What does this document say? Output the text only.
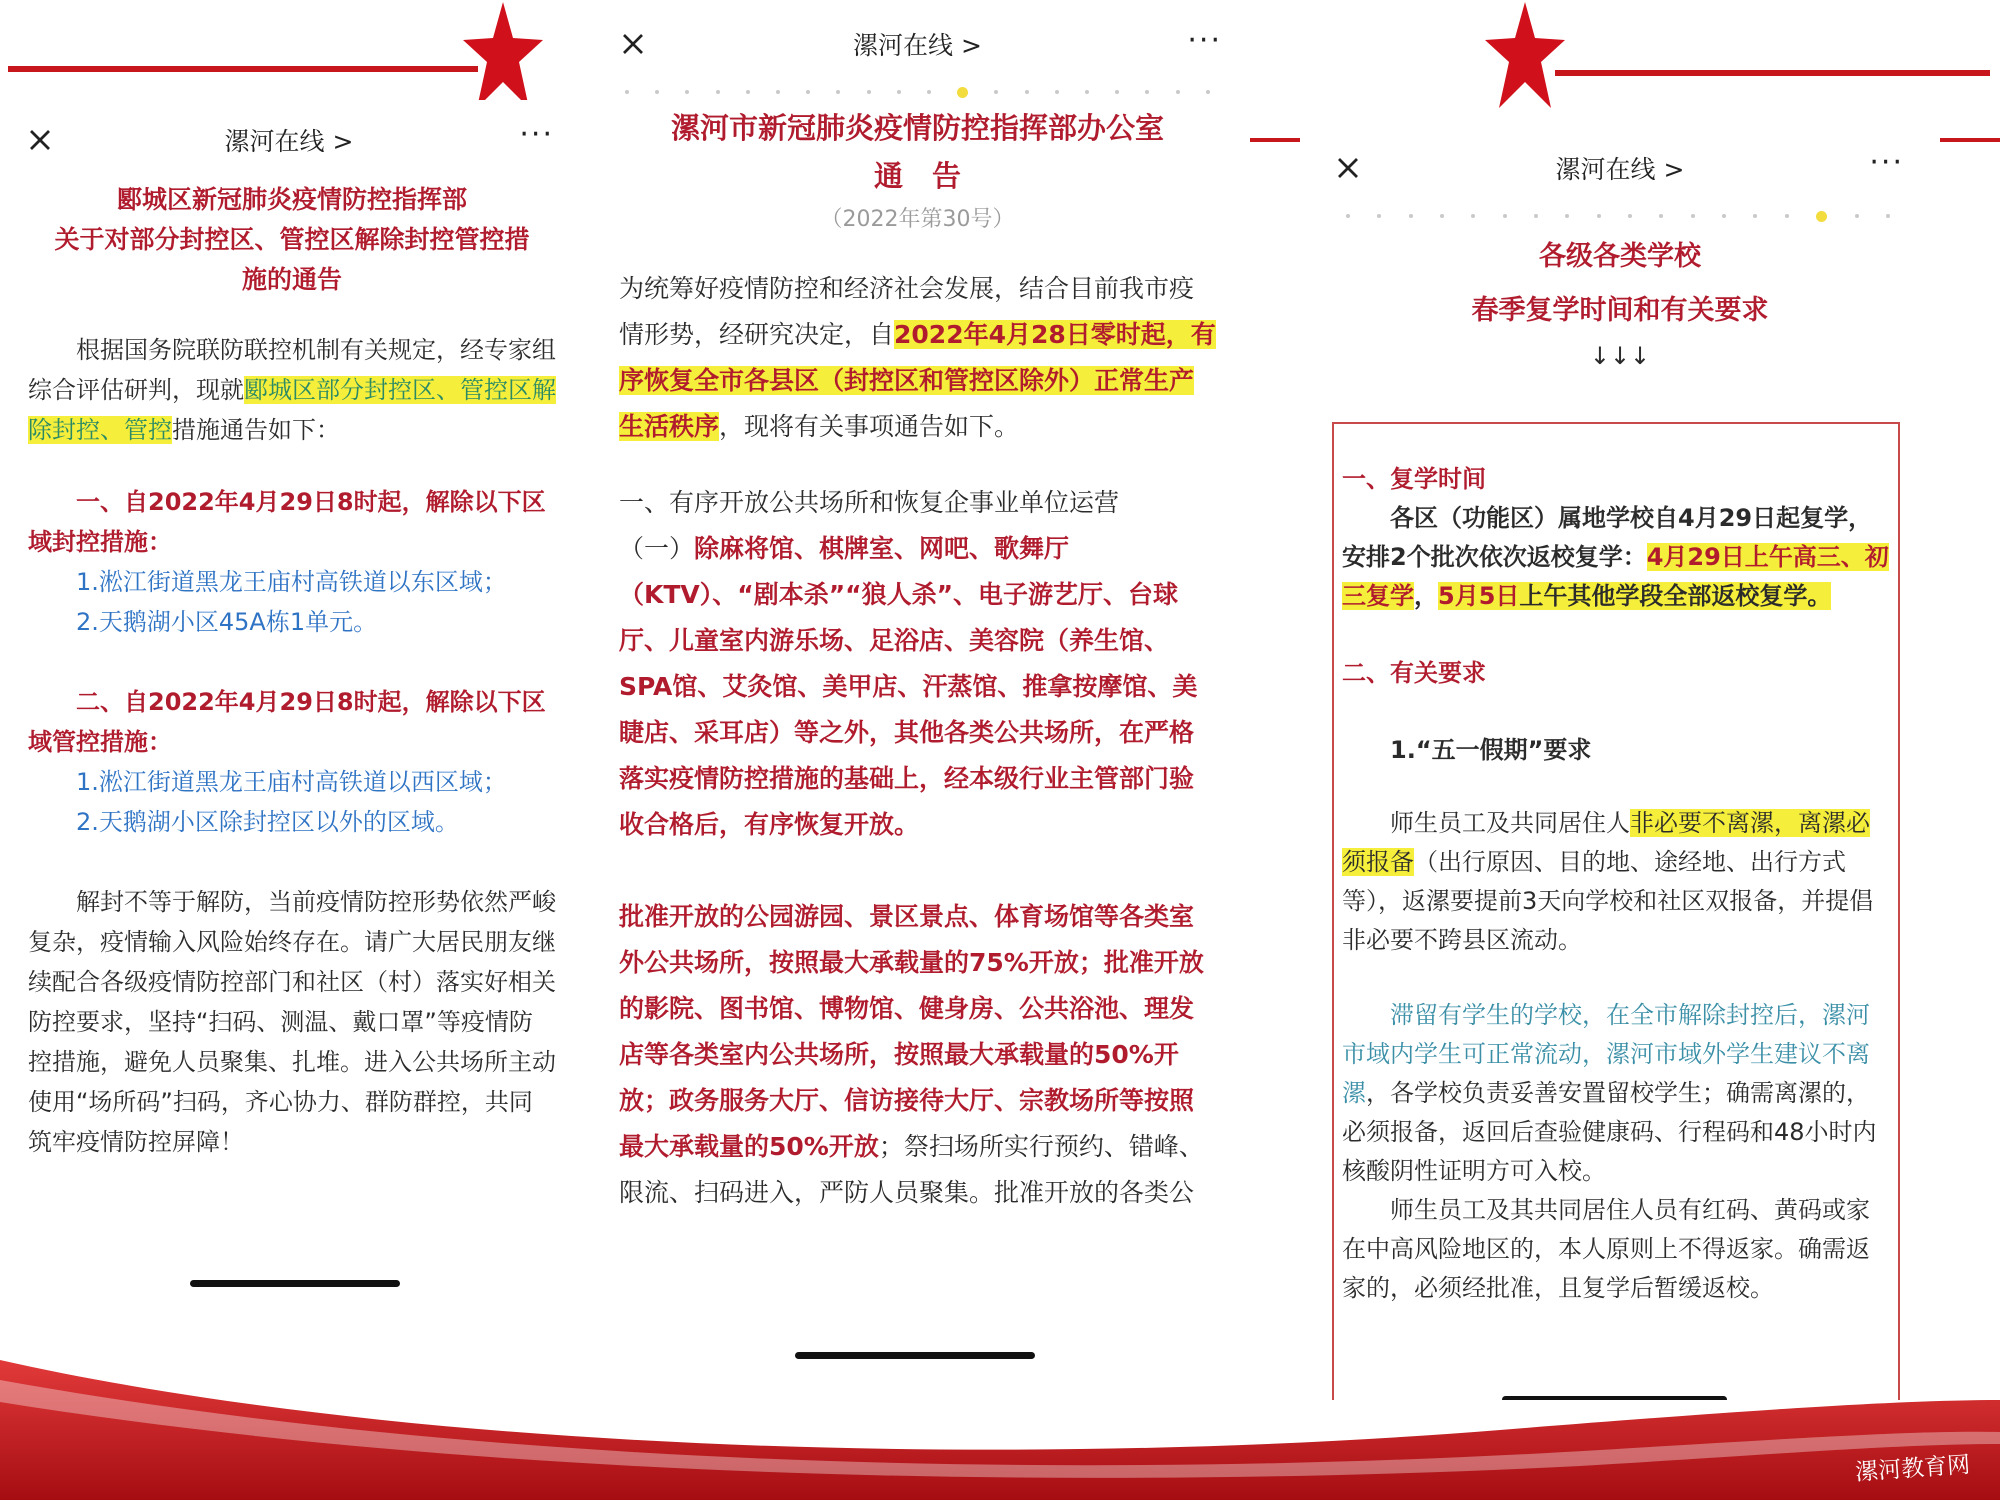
漯河在线 >	···
郾城区新冠肺炎疫情防控指挥部
关于对部分封控区、管控区解除封控管控措
施的通告

根据国务院联防联控机制有关规定，经专家组综合评估研判，现就郾城区部分封控区、管控区解除封控、管控措施通告如下：

一、自2022年4月29日8时起，解除以下区域封控措施：

1.淞江街道黑龙王庙村高铁道以东区域；

2.天鹅湖小区45A栋1单元。

二、自2022年4月29日8时起，解除以下区域管控措施：

1.淞江街道黑龙王庙村高铁道以西区域；

2.天鹅湖小区除封控区以外的区域。

解封不等于解防，当前疫情防控形势依然严峻复杂，疫情输入风险始终存在。请广大居民朋友继续配合各级疫情防控部门和社区（村）落实好相关防控要求，坚持“扫码、测温、戴口罩”等疫情防控措施，避免人员聚集、扎堆。进入公共场所主动使用“场所码”扫码，齐心协力、群防群控，共同筑牢疫情防控屏障！

漯河在线 >	···
漯河市新冠肺炎疫情防控指挥部办公室
通　告
（2022年第30号）

为统筹好疫情防控和经济社会发展，结合目前我市疫情形势，经研究决定，自2022年4月28日零时起，有序恢复全市各县区（封控区和管控区除外）正常生产生活秩序，现将有关事项通告如下。

一、有序开放公共场所和恢复企事业单位运营

（一）除麻将馆、棋牌室、网吧、歌舞厅（KTV）、“剧本杀”“狼人杀”、电子游艺厅、台球厅、儿童室内游乐场、足浴店、美容院（养生馆、SPA馆、艾灸馆、美甲店、汗蒸馆、推拿按摩馆、美睫店、采耳店）等之外，其他各类公共场所，在严格落实疫情防控措施的基础上，经本级行业主管部门验收合格后，有序恢复开放。

批准开放的公园游园、景区景点、体育场馆等各类室外公共场所，按照最大承载量的75%开放；批准开放的影院、图书馆、博物馆、健身房、公共浴池、理发店等各类室内公共场所，按照最大承载量的50%开放；政务服务大厅、信访接待大厅、宗教场所等按照最大承载量的50%开放；祭扫场所实行预约、错峰、限流、扫码进入，严防人员聚集。批准开放的各类公

漯河在线 >	···
各级各类学校
春季复学时间和有关要求
↓↓↓

一、复学时间

各区（功能区）属地学校自4月29日起复学，安排2个批次依次返校复学：4月29日上午高三、初三复学，5月5日上午其他学段全部返校复学。

二、有关要求

1.“五一假期”要求

师生员工及共同居住人非必要不离漯，离漯必须报备（出行原因、目的地、途经地、出行方式等），返漯要提前3天向学校和社区双报备，并提倡非必要不跨县区流动。

滞留有学生的学校，在全市解除封控后，漯河市域内学生可正常流动，漯河市域外学生建议不离漯，各学校负责妥善安置留校学生；确需离漯的，必须报备，返回后查验健康码、行程码和48小时内核酸阴性证明方可入校。

师生员工及其共同居住人员有红码、黄码或家在中高风险地区的，本人原则上不得返家。确需返家的，必须经批准，且复学后暂缓返校。

漯河教育网
